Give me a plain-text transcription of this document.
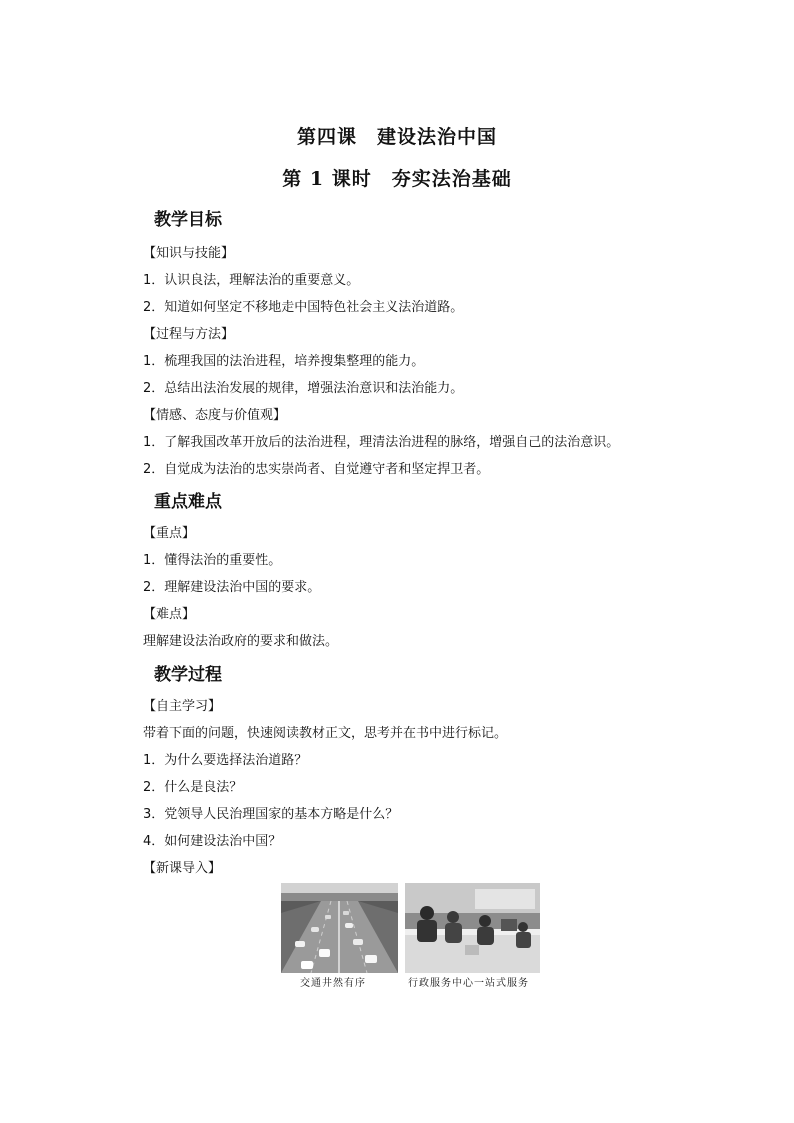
第四课　建设法治中国
第 1 课时　夯实法治基础
教学目标
【知识与技能】
1．认识良法，理解法治的重要意义。
2．知道如何坚定不移地走中国特色社会主义法治道路。
【过程与方法】
1．梳理我国的法治进程，培养搜集整理的能力。
2．总结出法治发展的规律，增强法治意识和法治能力。
【情感、态度与价值观】
1．了解我国改革开放后的法治进程，理清法治进程的脉络，增强自己的法治意识。
2．自觉成为法治的忠实崇尚者、自觉遵守者和坚定捍卫者。
重点难点
【重点】
1．懂得法治的重要性。
2．理解建设法治中国的要求。
【难点】
理解建设法治政府的要求和做法。
教学过程
【自主学习】
带着下面的问题，快速阅读教材正文，思考并在书中进行标记。
1．为什么要选择法治道路？
2．什么是良法？
3．党领导人民治理国家的基本方略是什么？
4．如何建设法治中国？
【新课导入】
交通井然有序	行政服务中心一站式服务
